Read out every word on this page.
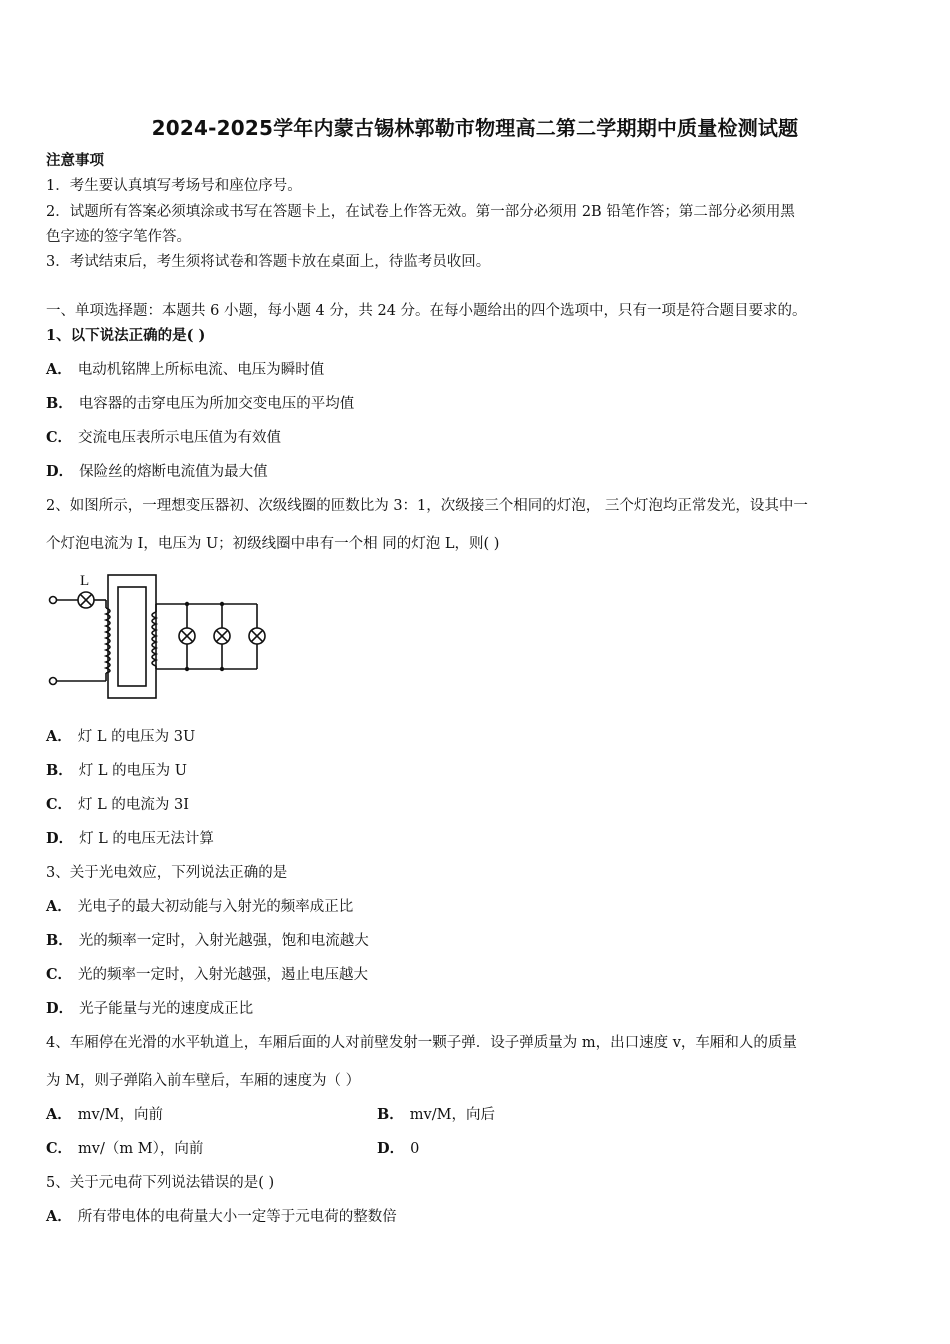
2024-2025学年内蒙古锡林郭勒市物理高二第二学期期中质量检测试题
注意事项
1．考生要认真填写考场号和座位序号。
2．试题所有答案必须填涂或书写在答题卡上，在试卷上作答无效。第一部分必须用 2B 铅笔作答；第二部分必须用黑
色字迹的签字笔作答。
3．考试结束后，考生须将试卷和答题卡放在桌面上，待监考员收回。
一、单项选择题：本题共 6 小题，每小题 4 分，共 24 分。在每小题给出的四个选项中，只有一项是符合题目要求的。
1、以下说法正确的是( )
A． 电动机铭牌上所标电流、电压为瞬时值
B． 电容器的击穿电压为所加交变电压的平均值
C． 交流电压表所示电压值为有效值
D． 保险丝的熔断电流值为最大值
2、如图所示，一理想变压器初、次级线圈的匝数比为 3：1，次级接三个相同的灯泡， 三个灯泡均正常发光，设其中一
个灯泡电流为 I，电压为 U；初级线圈中串有一个相 同的灯泡 L，则( )
L
A． 灯 L 的电压为 3U
B． 灯 L 的电压为 U
C． 灯 L 的电流为 3I
D． 灯 L 的电压无法计算
3、关于光电效应，下列说法正确的是
A． 光电子的最大初动能与入射光的频率成正比
B． 光的频率一定时，入射光越强，饱和电流越大
C． 光的频率一定时，入射光越强，遏止电压越大
D． 光子能量与光的速度成正比
4、车厢停在光滑的水平轨道上，车厢后面的人对前壁发射一颗子弹．设子弹质量为 m，出口速度 v，车厢和人的质量
为 M，则子弹陷入前车壁后，车厢的速度为（ ）
A． mv/M，向前	B． mv/M，向后
C． mv/（m M），向前	D． 0
5、关于元电荷下列说法错误的是( )
A． 所有带电体的电荷量大小一定等于元电荷的整数倍
